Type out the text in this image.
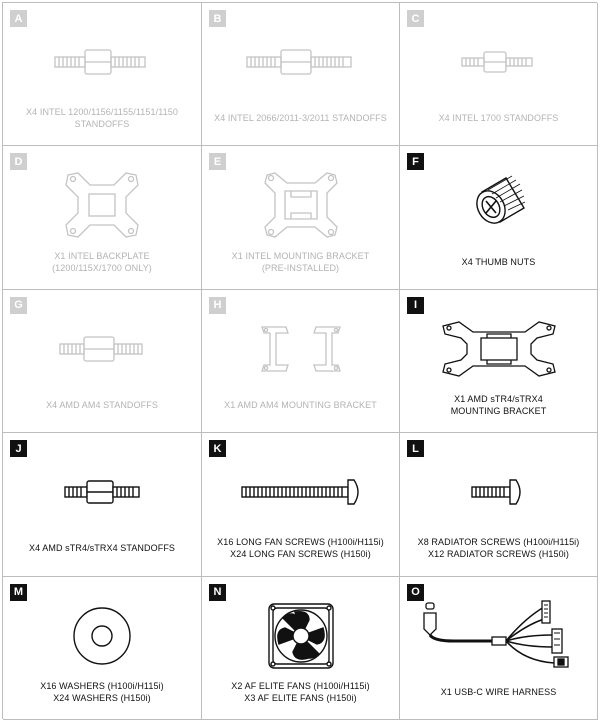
A
X4 INTEL 1200/1156/1155/1151/1150
STANDOFFS
B
X4 INTEL 2066/2011-3/2011 STANDOFFS
C
X4 INTEL 1700 STANDOFFS
D
X1 INTEL BACKPLATE
(1200/115X/1700 ONLY)
E
X1 INTEL MOUNTING BRACKET
(PRE-INSTALLED)
F
X4 THUMB NUTS
G
X4 AMD AM4 STANDOFFS
H
X1 AMD AM4 MOUNTING BRACKET
I
X1 AMD sTR4/sTRX4
MOUNTING BRACKET
J
X4 AMD sTR4/sTRX4 STANDOFFS
K
X16 LONG FAN SCREWS (H100i/H115i)
X24 LONG FAN SCREWS (H150i)
L
X8 RADIATOR SCREWS (H100i/H115i)
X12 RADIATOR SCREWS (H150i)
M
X16 WASHERS (H100i/H115i)
X24 WASHERS (H150i)
N
X2 AF ELITE FANS (H100i/H115i)
X3 AF ELITE FANS (H150i)
O
X1 USB-C WIRE HARNESS
